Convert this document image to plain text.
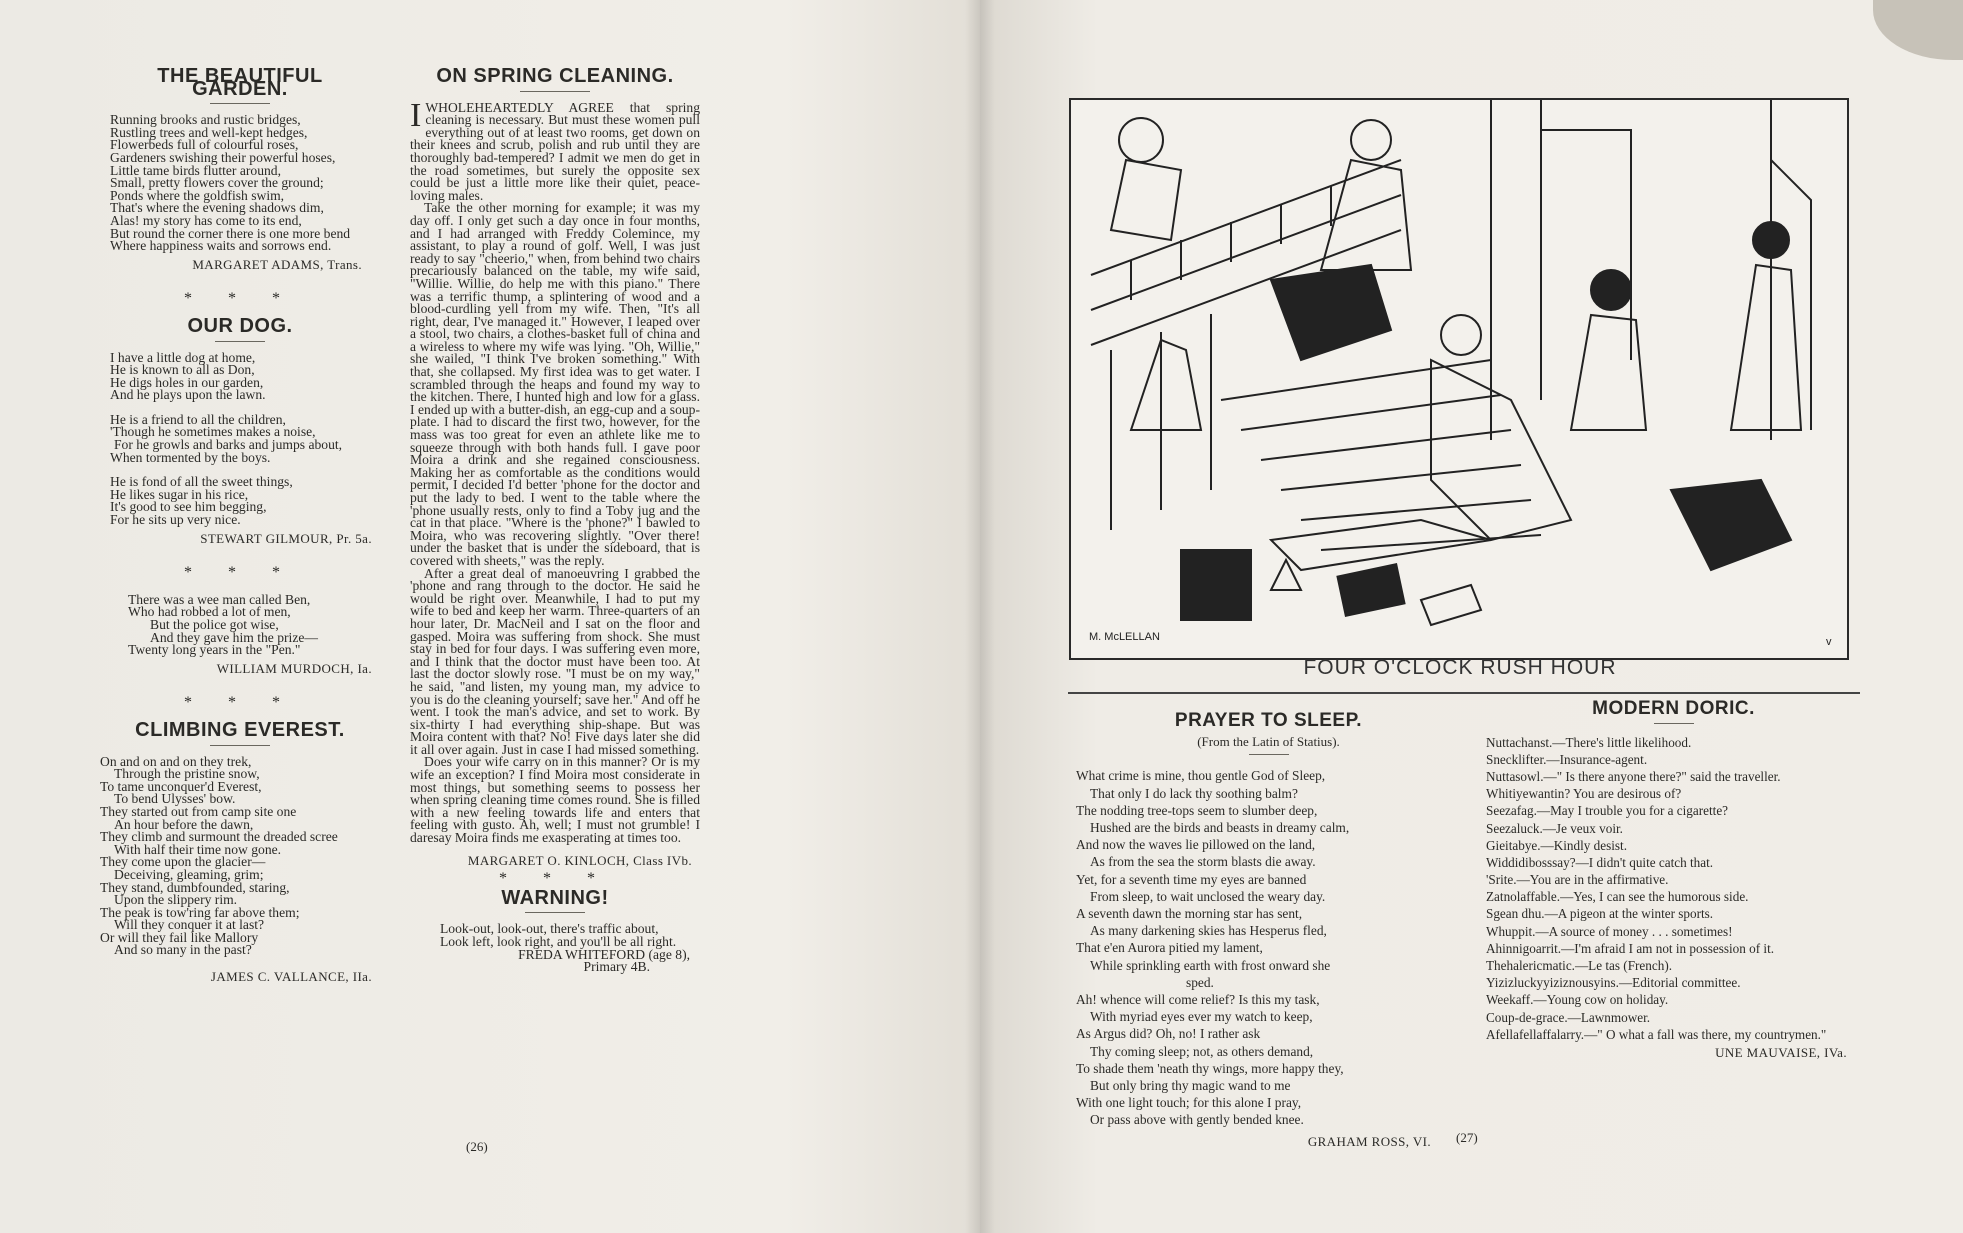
THE BEAUTIFUL GARDEN.
Running brooks and rustic bridges,
Rustling trees and well-kept hedges,
Flowerbeds full of colourful roses,
Gardeners swishing their powerful hoses,
Little tame birds flutter around,
Small, pretty flowers cover the ground;
Ponds where the goldfish swim,
That's where the evening shadows dim,
Alas! my story has come to its end,
But round the corner there is one more bend
Where happiness waits and sorrows end.
MARGARET ADAMS, Trans.
* * *
OUR DOG.
I have a little dog at home,
He is known to all as Don,
He digs holes in our garden,
And he plays upon the lawn.
He is a friend to all the children,
'Though he sometimes makes a noise,
For he growls and barks and jumps about,
When tormented by the boys.
He is fond of all the sweet things,
He likes sugar in his rice,
It's good to see him begging,
For he sits up very nice.
STEWART GILMOUR, Pr. 5a.
* * *
There was a wee man called Ben,
Who had robbed a lot of men,
But the police got wise,
And they gave him the prize—
Twenty long years in the "Pen."
WILLIAM MURDOCH, Ia.
* * *
CLIMBING EVEREST.
On and on and on they trek,
Through the pristine snow,
To tame unconquer'd Everest,
To bend Ulysses' bow.
They started out from camp site one
An hour before the dawn,
They climb and surmount the dreaded scree
With half their time now gone.
They come upon the glacier—
Deceiving, gleaming, grim;
They stand, dumbfounded, staring,
Upon the slippery rim.
The peak is tow'ring far above them;
Will they conquer it at last?
Or will they fail like Mallory
And so many in the past?
JAMES C. VALLANCE, IIa.
ON SPRING CLEANING.

IWHOLEHEARTEDLY AGREE that spring cleaning is necessary. But must these women pull everything out of at least two rooms, get down on their knees and scrub, polish and rub until they are thoroughly bad-tempered? I admit we men do get in the road sometimes, but surely the opposite sex could be just a little more like their quiet, peace-loving males.

Take the other morning for example; it was my day off. I only get such a day once in four months, and I had arranged with Freddy Colemince, my assistant, to play a round of golf. Well, I was just ready to say "cheerio," when, from behind two chairs precariously balanced on the table, my wife said, "Willie. Willie, do help me with this piano." There was a terrific thump, a splintering of wood and a blood-curdling yell from my wife. Then, "It's all right, dear, I've managed it." However, I leaped over a stool, two chairs, a clothes-basket full of china and a wireless to where my wife was lying. "Oh, Willie," she wailed, "I think I've broken something." With that, she collapsed. My first idea was to get water. I scrambled through the heaps and found my way to the kitchen. There, I hunted high and low for a glass. I ended up with a butter-dish, an egg-cup and a soup-plate. I had to discard the first two, however, for the mass was too great for even an athlete like me to squeeze through with both hands full. I gave poor Moira a drink and she regained consciousness. Making her as comfortable as the conditions would permit, I decided I'd better 'phone for the doctor and put the lady to bed. I went to the table where the 'phone usually rests, only to find a Toby jug and the cat in that place. "Where is the 'phone?" I bawled to Moira, who was recovering slightly. "Over there! under the basket that is under the sideboard, that is covered with sheets," was the reply.

After a great deal of manoeuvring I grabbed the 'phone and rang through to the doctor. He said he would be right over. Meanwhile, I had to put my wife to bed and keep her warm. Three-quarters of an hour later, Dr. MacNeil and I sat on the floor and gasped. Moira was suffering from shock. She must stay in bed for four days. I was suffering even more, and I think that the doctor must have been too. At last the doctor slowly rose. "I must be on my way," he said, "and listen, my young man, my advice to you is do the cleaning yourself; save her." And off he went. I took the man's advice, and set to work. By six-thirty I had everything ship-shape. But was Moira content with that? No! Five days later she did it all over again. Just in case I had missed something.

Does your wife carry on in this manner? Or is my wife an exception? I find Moira most considerate in most things, but something seems to possess her when spring cleaning time comes round. She is filled with a new feeling towards life and enters that feeling with gusto. Ah, well; I must not grumble! I daresay Moira finds me exasperating at times too.

MARGARET O. KINLOCH, Class IVb.
* * *
WARNING!
Look-out, look-out, there's traffic about,
Look left, look right, and you'll be all right.
FREDA WHITEFORD (age 8),
Primary 4B.
(26)
M. McLELLAN	v
FOUR O'CLOCK RUSH HOUR
PRAYER TO SLEEP.
(From the Latin of Statius).
What crime is mine, thou gentle God of Sleep,
That only I do lack thy soothing balm?
The nodding tree-tops seem to slumber deep,
Hushed are the birds and beasts in dreamy calm,
And now the waves lie pillowed on the land,
As from the sea the storm blasts die away.
Yet, for a seventh time my eyes are banned
From sleep, to wait unclosed the weary day.
A seventh dawn the morning star has sent,
As many darkening skies has Hesperus fled,
That e'en Aurora pitied my lament,
While sprinkling earth with frost onward she
sped.
Ah! whence will come relief? Is this my task,
With myriad eyes ever my watch to keep,
As Argus did? Oh, no! I rather ask
Thy coming sleep; not, as others demand,
To shade them 'neath thy wings, more happy they,
But only bring thy magic wand to me
With one light touch; for this alone I pray,
Or pass above with gently bended knee.
GRAHAM ROSS, VI.
MODERN DORIC.
Nuttachanst.—There's little likelihood.
Snecklifter.—Insurance-agent.
Nuttasowl.—" Is there anyone there?" said the traveller.
Whitiyewantin? You are desirous of?
Seezafag.—May I trouble you for a cigarette?
Seezaluck.—Je veux voir.
Gieitabye.—Kindly desist.
Widdidibosssay?—I didn't quite catch that.
'Srite.—You are in the affirmative.
Zatnolaffable.—Yes, I can see the humorous side.
Sgean dhu.—A pigeon at the winter sports.
Whuppit.—A source of money . . . sometimes!
Ahinnigoarrit.—I'm afraid I am not in possession of it.
Thehalericmatic.—Le tas (French).
Yizizluckyyiziznousyins.—Editorial committee.
Weekaff.—Young cow on holiday.
Coup-de-grace.—Lawnmower.
Afellafellaffalarry.—" O what a fall was there, my countrymen."
UNE MAUVAISE, IVa.
(27)
